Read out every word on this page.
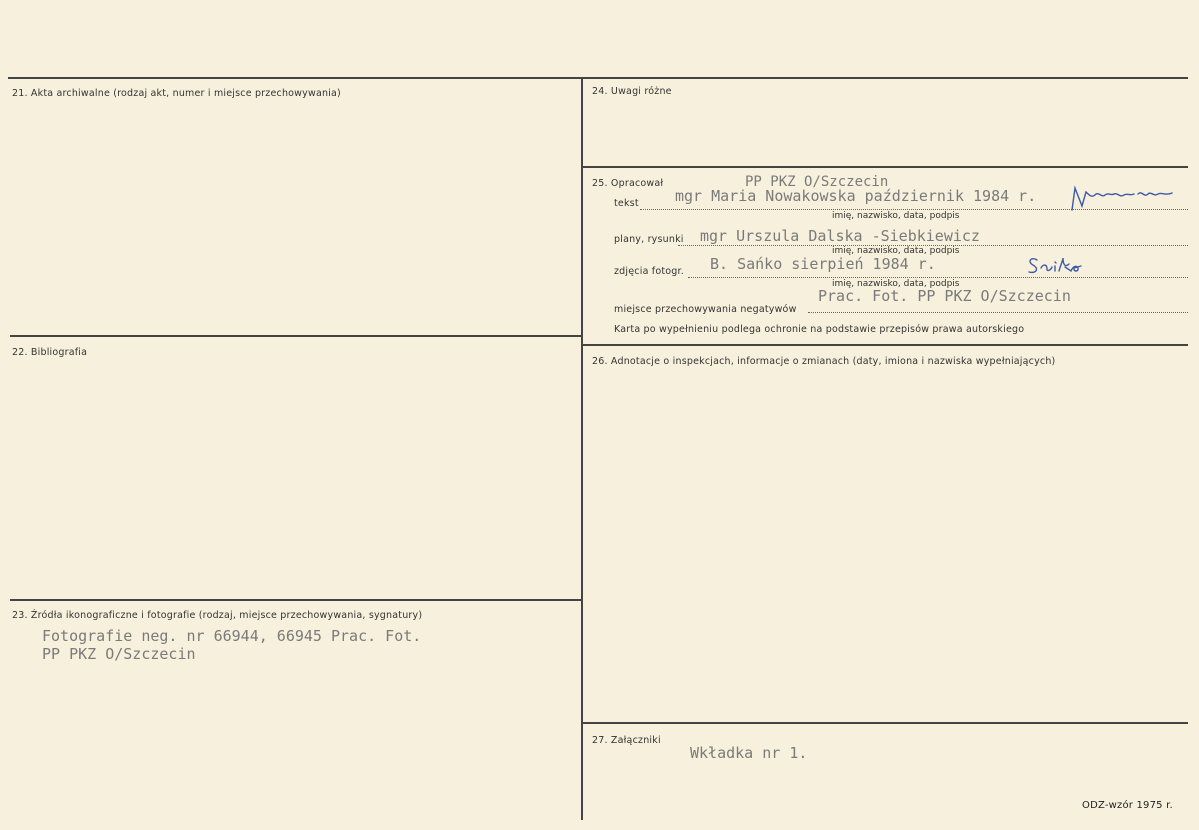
21. Akta archiwalne (rodzaj akt, numer i miejsce przechowywania)
22. Bibliografia
23. Źródła ikonograficzne i fotografie (rodzaj, miejsce przechowywania, sygnatury)
Fotografie neg. nr 66944, 66945 Prac. Fot.
PP PKZ O/Szczecin
24. Uwagi różne
25. Opracował	PP PKZ O/Szczecin
tekst mgr Maria Nowakowska październik 1984 r.
imię, nazwisko, data, podpis
plany, rysunki mgr Urszula Dalska -Siebkiewicz
imię, nazwisko, data, podpis
zdjęcia fotogr. B. Sańko sierpień 1984 r.
imię, nazwisko, data, podpis
miejsce przechowywania negatywów
Prac. Fot. PP PKZ O/Szczecin
Karta po wypełnieniu podlega ochronie na podstawie przepisów prawa autorskiego
26. Adnotacje o inspekcjach, informacje o zmianach (daty, imiona i nazwiska wypełniających)
27. Załączniki
Wkładka nr 1.
ODZ-wzór 1975 r.
